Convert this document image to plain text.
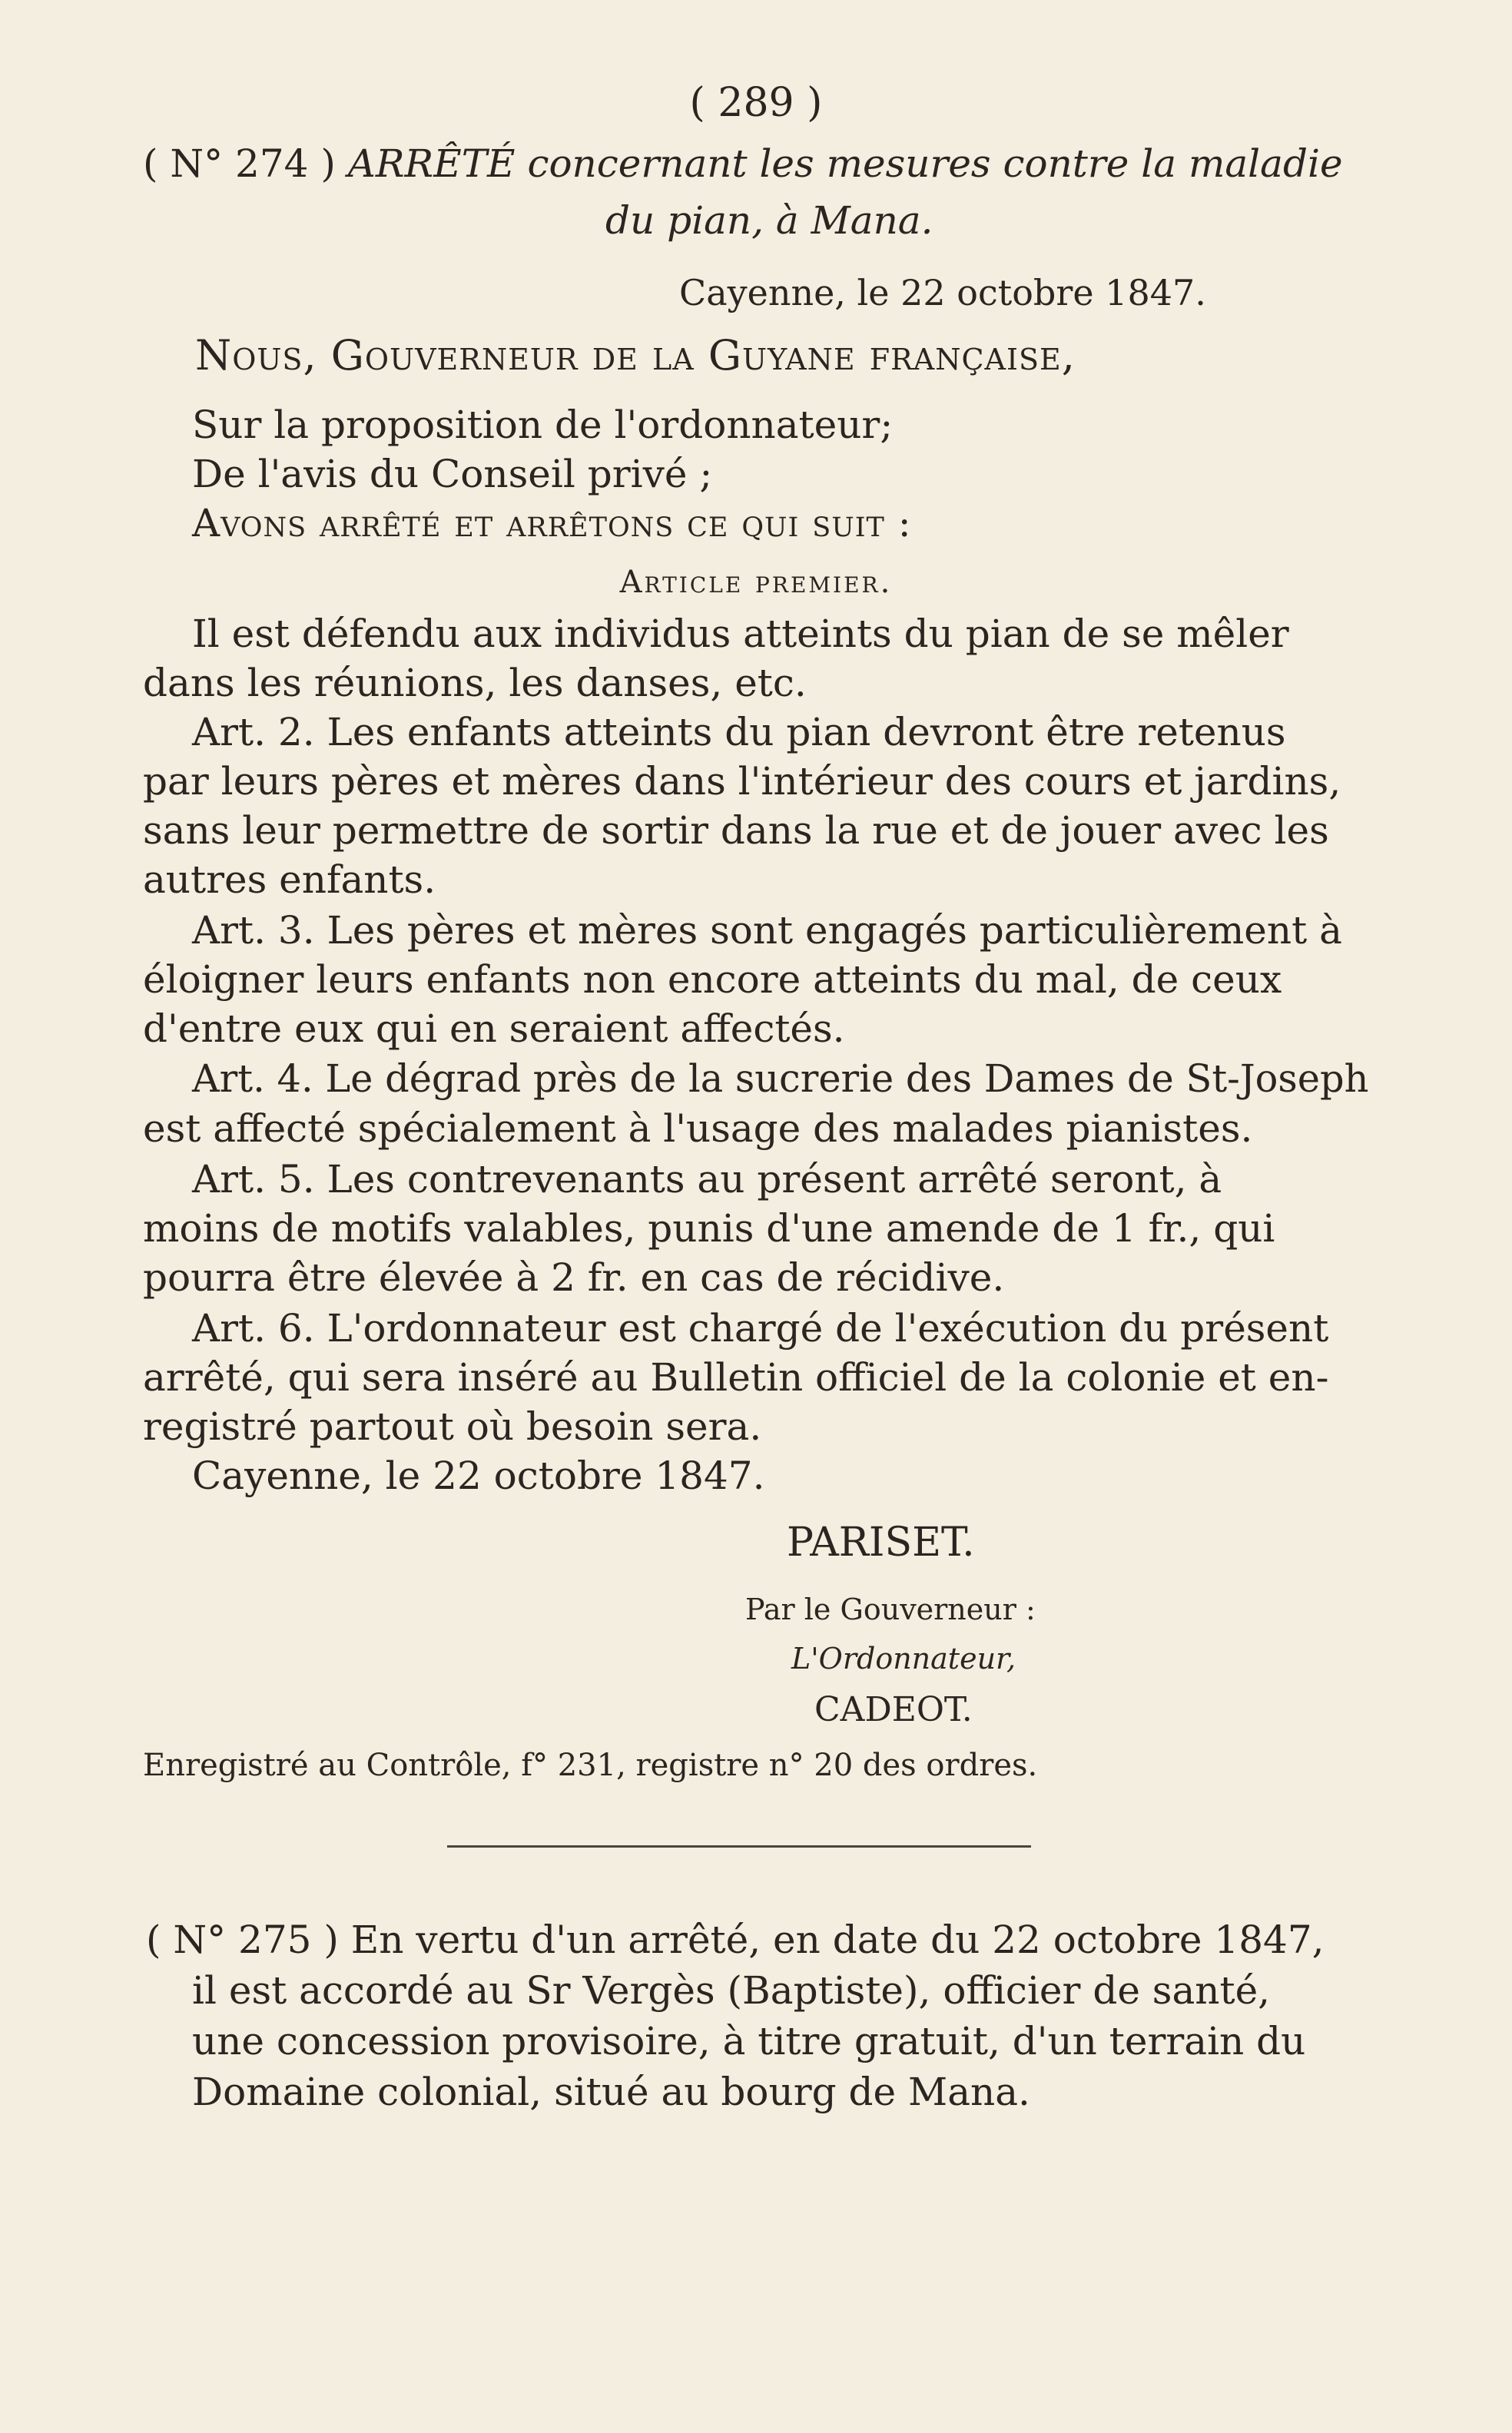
( 289 )
( N° 274 ) ARRÊTÉ concernant les mesures contre la maladie
du pian, à Mana.
Cayenne, le 22 octobre 1847.
Nous, Gouverneur de la Guyane française,
Sur la proposition de l'ordonnateur;
De l'avis du Conseil privé ;
Avons arrêté et arrêtons ce qui suit :
Article premier.
Il est défendu aux individus atteints du pian de se mêler
dans les réunions, les danses, etc.
Art. 2. Les enfants atteints du pian devront être retenus
par leurs pères et mères dans l'intérieur des cours et jardins,
sans leur permettre de sortir dans la rue et de jouer avec les
autres enfants.
Art. 3. Les pères et mères sont engagés particulièrement à
éloigner leurs enfants non encore atteints du mal, de ceux
d'entre eux qui en seraient affectés.
Art. 4. Le dégrad près de la sucrerie des Dames de St-Joseph
est affecté spécialement à l'usage des malades pianistes.
Art. 5. Les contrevenants au présent arrêté seront, à
moins de motifs valables, punis d'une amende de 1 fr., qui
pourra être élevée à 2 fr. en cas de récidive.
Art. 6. L'ordonnateur est chargé de l'exécution du présent
arrêté, qui sera inséré au Bulletin officiel de la colonie et en-
registré partout où besoin sera.
Cayenne, le 22 octobre 1847.
PARISET.
Par le Gouverneur :
L'Ordonnateur,
CADEOT.
Enregistré au Contrôle, f° 231, registre n° 20 des ordres.
( N° 275 ) En vertu d'un arrêté, en date du 22 octobre 1847,
il est accordé au Sr Vergès (Baptiste), officier de santé,
une concession provisoire, à titre gratuit, d'un terrain du
Domaine colonial, situé au bourg de Mana.
